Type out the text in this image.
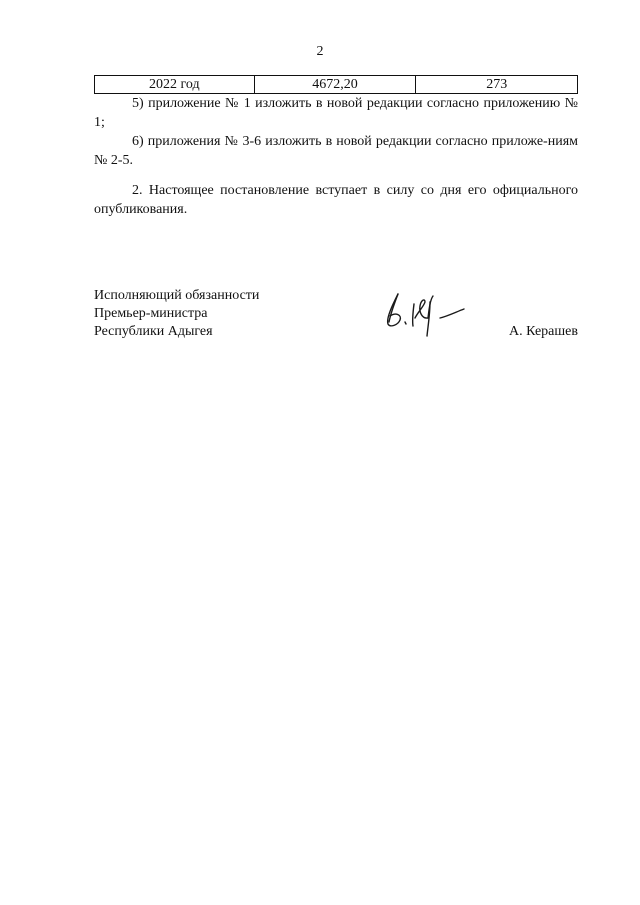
2
2022 год	4672,20	273

5) приложение № 1 изложить в новой редакции согласно приложению № 1;

6) приложения № 3-6 изложить в новой редакции согласно приложе-ниям № 2-5.

2. Настоящее постановление вступает в силу со дня его официального опубликования.

Исполняющий обязанности
Премьер-министра
Республики Адыгея	А. Керашев
